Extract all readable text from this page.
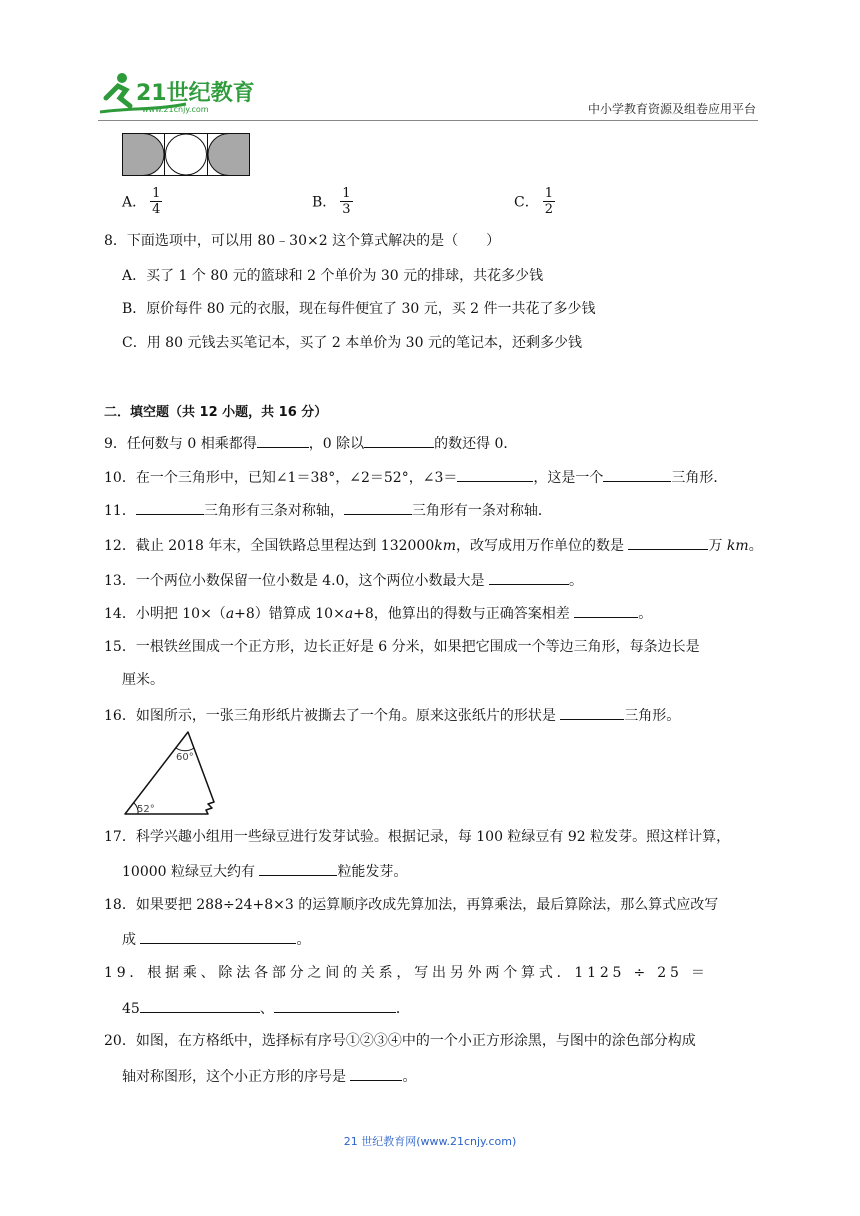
21世纪教育
www.21cnjy.com	中小学教育资源及组卷应用平台
A． $\frac{1}{4}$	B． $\frac{1}{3}$	C． $\frac{1}{2}$
8．下面选项中，可以用 80﹣30×2 这个算式解决的是（　　）
A．买了 1 个 80 元的篮球和 2 个单价为 30 元的排球，共花多少钱
B．原价每件 80 元的衣服，现在每件便宜了 30 元，买 2 件一共花了多少钱
C．用 80 元钱去买笔记本，买了 2 本单价为 30 元的笔记本，还剩多少钱
二．填空题（共 12 小题，共 16 分）
9．任何数与 0 相乘都得	，0 除以	的数还得 0．
10．在一个三角形中，已知∠1＝38°，∠2＝52°，∠3＝	，这是一个	三角形．
11．	三角形有三条对称轴，	三角形有一条对称轴．
12．截止 2018 年末，全国铁路总里程达到 132000km，改写成用万作单位的数是	万 km。
13．一个两位小数保留一位小数是 4.0，这个两位小数最大是	。
14．小明把 10×（a+8）错算成 10×a+8，他算出的得数与正确答案相差	。
15．一根铁丝围成一个正方形，边长正好是 6 分米，如果把它围成一个等边三角形，每条边长是
厘米。
16．如图所示，一张三角形纸片被撕去了一个角。原来这张纸片的形状是	三角形。
60°
52°
17．科学兴趣小组用一些绿豆进行发芽试验。根据记录，每 100 粒绿豆有 92 粒发芽。照这样计算，
10000 粒绿豆大约有	粒能发芽。
18．如果要把 288÷24+8×3 的运算顺序改成先算加法，再算乘法，最后算除法，那么算式应改写
成	。
19．根据乘、除法各部分之间的关系，写出另外两个算式．1125 ÷ 25 ＝
45	、	．
20．如图，在方格纸中，选择标有序号①②③④中的一个小正方形涂黑，与图中的涂色部分构成
轴对称图形，这个小正方形的序号是	。
21 世纪教育网(www.21cnjy.com)
